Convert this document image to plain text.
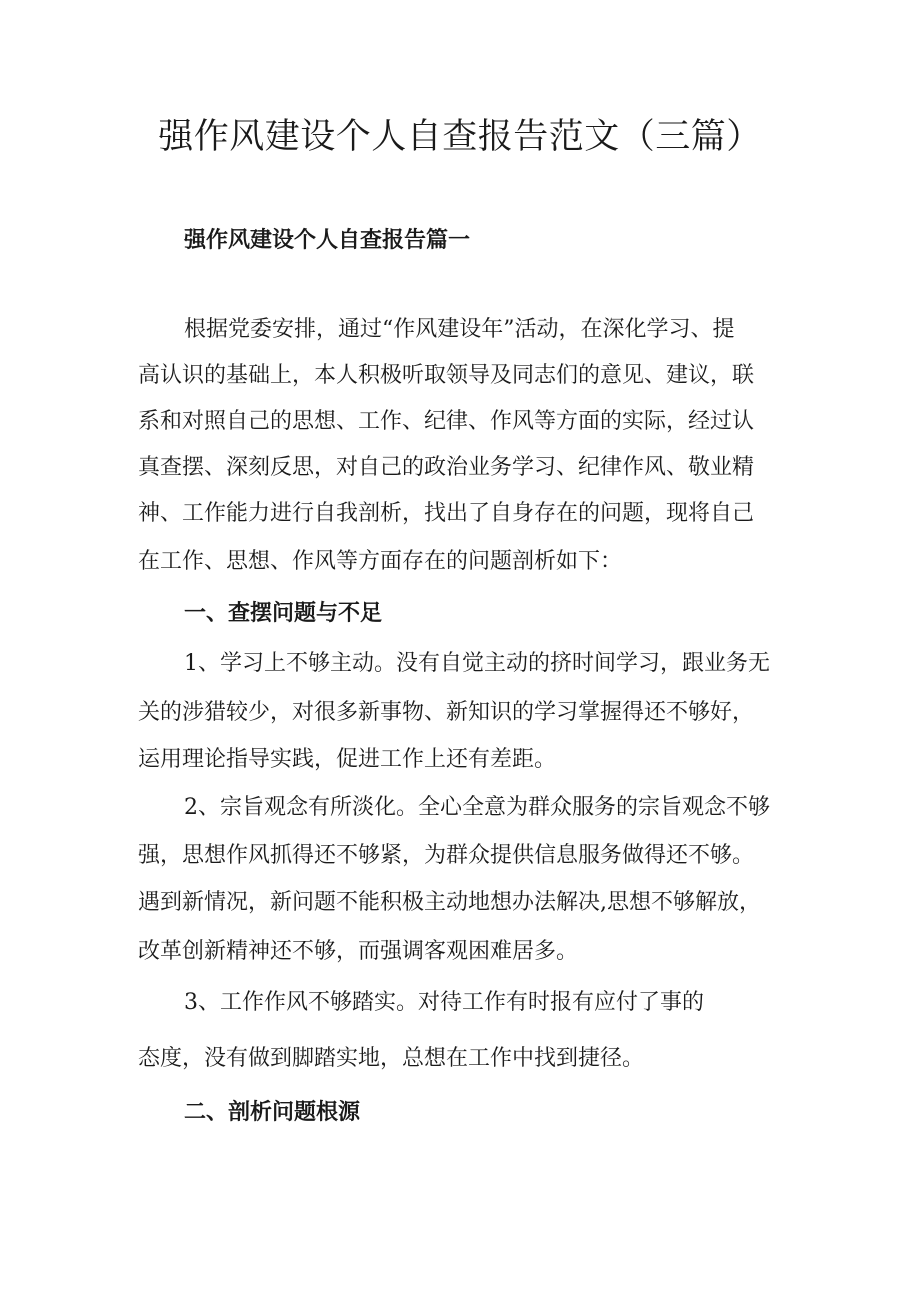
强作风建设个人自查报告范文（三篇）

强作风建设个人自查报告篇一

根据党委安排，通过“作风建设年”活动，在深化学习、提

高认识的基础上，本人积极听取领导及同志们的意见、建议，联

系和对照自己的思想、工作、纪律、作风等方面的实际，经过认

真查摆、深刻反思，对自己的政治业务学习、纪律作风、敬业精

神、工作能力进行自我剖析，找出了自身存在的问题，现将自己

在工作、思想、作风等方面存在的问题剖析如下：

一、查摆问题与不足

1、学习上不够主动。没有自觉主动的挤时间学习，跟业务无

关的涉猎较少，对很多新事物、新知识的学习掌握得还不够好，

运用理论指导实践，促进工作上还有差距。

2、宗旨观念有所淡化。全心全意为群众服务的宗旨观念不够

强，思想作风抓得还不够紧，为群众提供信息服务做得还不够。

遇到新情况，新问题不能积极主动地想办法解决,思想不够解放，

改革创新精神还不够，而强调客观困难居多。

3、工作作风不够踏实。对待工作有时报有应付了事的

态度，没有做到脚踏实地，总想在工作中找到捷径。

二、剖析问题根源
